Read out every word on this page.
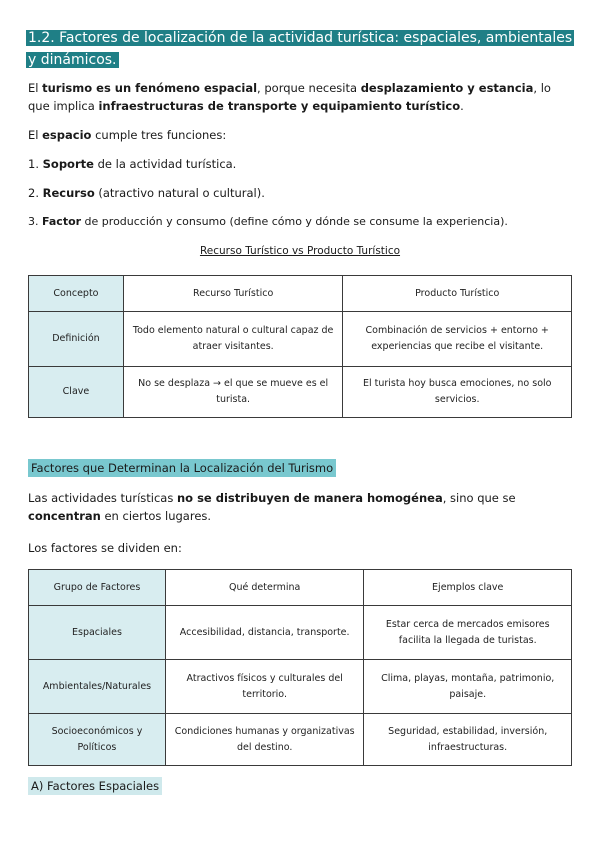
1.2. Factores de localización de la actividad turística: espaciales, ambientales y dinámicos.

El turismo es un fenómeno espacial, porque necesita desplazamiento y estancia, lo que implica infraestructuras de transporte y equipamiento turístico.

El espacio cumple tres funciones:

1. Soporte de la actividad turística.

2. Recurso (atractivo natural o cultural).

3. Factor de producción y consumo (define cómo y dónde se consume la experiencia).

Recurso Turístico vs Producto Turístico
Concepto	Recurso Turístico	Producto Turístico
Definición	Todo elemento natural o cultural capaz de atraer visitantes.	Combinación de servicios + entorno + experiencias que recibe el visitante.
Clave	No se desplaza → el que se mueve es el turista.	El turista hoy busca emociones, no solo servicios.
Factores que Determinan la Localización del Turismo

Las actividades turísticas no se distribuyen de manera homogénea, sino que se concentran en ciertos lugares.

Los factores se dividen en:

Grupo de Factores	Qué determina	Ejemplos clave
Espaciales	Accesibilidad, distancia, transporte.	Estar cerca de mercados emisores facilita la llegada de turistas.
Ambientales/Naturales	Atractivos físicos y culturales del territorio.	Clima, playas, montaña, patrimonio, paisaje.
Socioeconómicos y Políticos	Condiciones humanas y organizativas del destino.	Seguridad, estabilidad, inversión, infraestructuras.
A) Factores Espaciales
